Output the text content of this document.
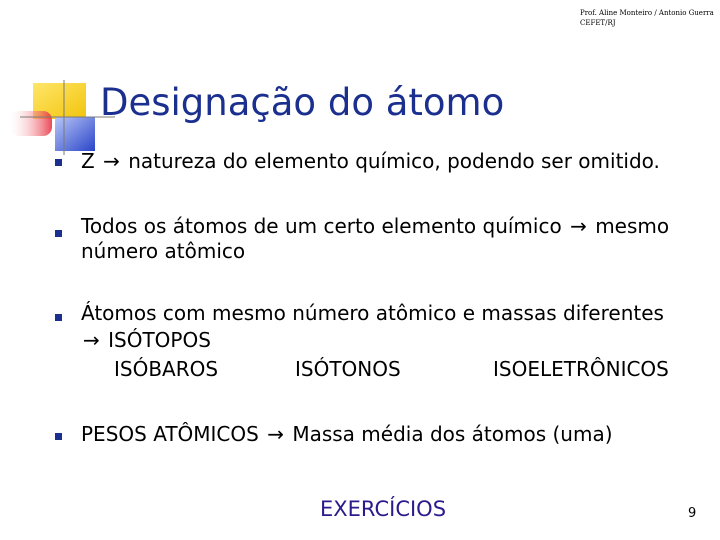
Prof. Aline Monteiro / Antonio Guerra
CEFET/RJ
Designação do átomo
Z → natureza do elemento químico, podendo ser omitido.
Todos os átomos de um certo elemento químico → mesmo
número atômico
Átomos com mesmo número atômico e massas diferentes
→ ISÓTOPOS
ISÓBAROS	ISÓTONOS	ISOELETRÔNICOS
PESOS ATÔMICOS → Massa média dos átomos (uma)
EXERCÍCIOS	9
